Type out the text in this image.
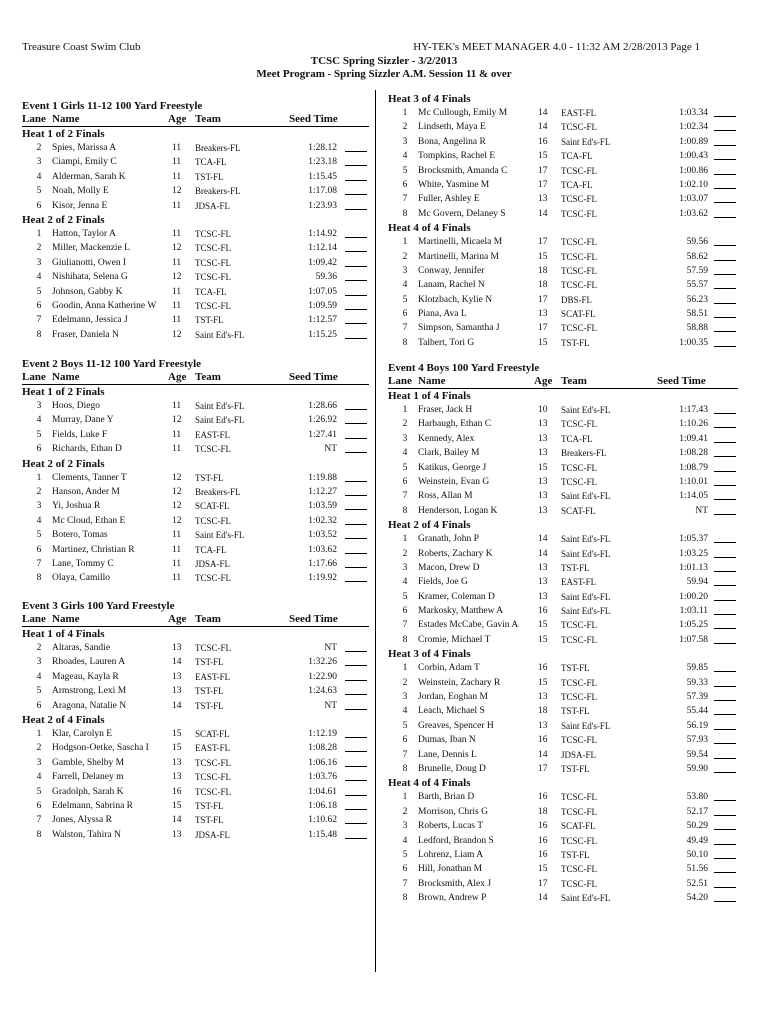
Treasure Coast Swim Club	HY-TEK's MEET MANAGER 4.0 - 11:32 AM 2/28/2013 Page 1
TCSC Spring Sizzler - 3/2/2013
Meet Program - Spring Sizzler A.M. Session 11 & over
Event 1 Girls 11-12 100 Yard Freestyle
Lane Name	Age Team	Seed Time
Heat 1 of 2 Finals
2	Spies, Marissa A	11 Breakers-FL	1:28.12
3	Ciampi, Emily C	11 TCA-FL	1:23.18
4	Alderman, Sarah K	11 TST-FL	1:15.45
5	Noah, Molly E	12 Breakers-FL	1:17.08
6	Kisor, Jenna E	11 JDSA-FL	1:23.93
Heat 2 of 2 Finals
1	Hatton, Taylor A	11 TCSC-FL	1:14.92
2	Miller, Mackenzie L	12 TCSC-FL	1:12.14
3	Giulianotti, Owen I	11 TCSC-FL	1:09.42
4	Nishihata, Selena G	12 TCSC-FL	59.36
5	Johnson, Gabby K	11 TCA-FL	1:07.05
6	Goodin, Anna Katherine W 11 TCSC-FL	1:09.59
7	Edelmann, Jessica J	11 TST-FL	1:12.57
8	Fraser, Daniela N	12 Saint Ed's-FL	1:15.25
Event 2 Boys 11-12 100 Yard Freestyle
Lane Name	Age Team	Seed Time
Heat 1 of 2 Finals
3	Hoos, Diego	11 Saint Ed's-FL	1:28.66
4	Murray, Dane Y	12 Saint Ed's-FL	1:26.92
5	Fields, Luke F	11 EAST-FL	1:27.41
6	Richards, Ethan D	11 TCSC-FL	NT
Heat 2 of 2 Finals
1	Clements, Tanner T	12 TST-FL	1:19.88
2	Hanson, Ander M	12 Breakers-FL	1:12.27
3	Yi, Joshua R	12 SCAT-FL	1:03.59
4	Mc Cloud, Ethan E	12 TCSC-FL	1:02.32
5	Botero, Tomas	11 Saint Ed's-FL	1:03.52
6	Martinez, Christian R	11 TCA-FL	1:03.62
7	Lane, Tommy C	11 JDSA-FL	1:17.66
8	Olaya, Camillo	11 TCSC-FL	1:19.92
Event 3 Girls 100 Yard Freestyle
Lane Name	Age Team	Seed Time
Heat 1 of 4 Finals
2	Altaras, Sandie	13 TCSC-FL	NT
3	Rhoades, Lauren A	14 TST-FL	1:32.26
4	Mageau, Kayla R	13 EAST-FL	1:22.90
5	Armstrong, Lexi M	13 TST-FL	1:24.63
6	Aragona, Natalie N	14 TST-FL	NT
Heat 2 of 4 Finals
1	Klar, Carolyn E	15 SCAT-FL	1:12.19
2	Hodgson-Oetke, Sascha I 15 EAST-FL	1:08.28
3	Gamble, Shelby M	13 TCSC-FL	1:06.16
4	Farrell, Delaney m	13 TCSC-FL	1:03.76
5	Gradolph, Sarah K	16 TCSC-FL	1:04.61
6	Edelmann, Sabrina R	15 TST-FL	1:06.18
7	Jones, Alyssa R	14 TST-FL	1:10.62
8	Walston, Tahira N	13 JDSA-FL	1:15.48
Heat 3 of 4 Finals
1	Mc Cullough, Emily M	14 EAST-FL	1:03.34
2	Lindseth, Maya E	14 TCSC-FL	1:02.34
3	Bona, Angelina R	16 Saint Ed's-FL	1:00.89
4	Tompkins, Rachel E	15 TCA-FL	1:00.43
5	Brocksmith, Amanda C	17 TCSC-FL	1:00.86
6	White, Yasmine M	17 TCA-FL	1:02.10
7	Fuller, Ashley E	13 TCSC-FL	1:03.07
8	Mc Govern, Delaney S	14 TCSC-FL	1:03.62
Heat 4 of 4 Finals
1	Martinelli, Micaela M	17 TCSC-FL	59.56
2	Martinelli, Marina M	15 TCSC-FL	58.62
3	Conway, Jennifer	18 TCSC-FL	57.59
4	Lanam, Rachel N	18 TCSC-FL	55.57
5	Klotzbach, Kylie N	17 DBS-FL	56.23
6	Piana, Ava L	13 SCAT-FL	58.51
7	Simpson, Samantha J	17 TCSC-FL	58.88
8	Talbert, Tori G	15 TST-FL	1:00.35
Event 4 Boys 100 Yard Freestyle
Lane Name	Age Team	Seed Time
Heat 1 of 4 Finals
1	Fraser, Jack H	10 Saint Ed's-FL	1:17.43
2	Harbaugh, Ethan C	13 TCSC-FL	1:10.26
3	Kennedy, Alex	13 TCA-FL	1:09.41
4	Clark, Bailey M	13 Breakers-FL	1:08.28
5	Katikus, George J	15 TCSC-FL	1:08.79
6	Weinstein, Evan G	13 TCSC-FL	1:10.01
7	Ross, Allan M	13 Saint Ed's-FL	1:14.05
8	Henderson, Logan K	13 SCAT-FL	NT
Heat 2 of 4 Finals
1	Granath, John P	14 Saint Ed's-FL	1:05.37
2	Roberts, Zachary K	14 Saint Ed's-FL	1:03.25
3	Macon, Drew D	13 TST-FL	1:01.13
4	Fields, Joe G	13 EAST-FL	59.94
5	Kramer, Coleman D	13 Saint Ed's-FL	1:00.20
6	Markosky, Matthew A	16 Saint Ed's-FL	1:03.11
7	Estades McCabe, Gavin A 15 TCSC-FL	1:05.25
8	Cromie, Michael T	15 TCSC-FL	1:07.58
Heat 3 of 4 Finals
1	Corbin, Adam T	16 TST-FL	59.85
2	Weinstein, Zachary R	15 TCSC-FL	59.33
3	Jordan, Eoghan M	13 TCSC-FL	57.39
4	Leach, Michael S	18 TST-FL	55.44
5	Greaves, Spencer H	13 Saint Ed's-FL	56.19
6	Dumas, Iban N	16 TCSC-FL	57.93
7	Lane, Dennis L	14 JDSA-FL	59.54
8	Brunelle, Doug D	17 TST-FL	59.90
Heat 4 of 4 Finals
1	Barth, Brian D	16 TCSC-FL	53.80
2	Morrison, Chris G	18 TCSC-FL	52.17
3	Roberts, Lucas T	16 SCAT-FL	50.29
4	Ledford, Brandon S	16 TCSC-FL	49.49
5	Lohrenz, Liam A	16 TST-FL	50.10
6	Hill, Jonathan M	15 TCSC-FL	51.56
7	Brocksmith, Alex J	17 TCSC-FL	52.51
8	Brown, Andrew P	14 Saint Ed's-FL	54.20
